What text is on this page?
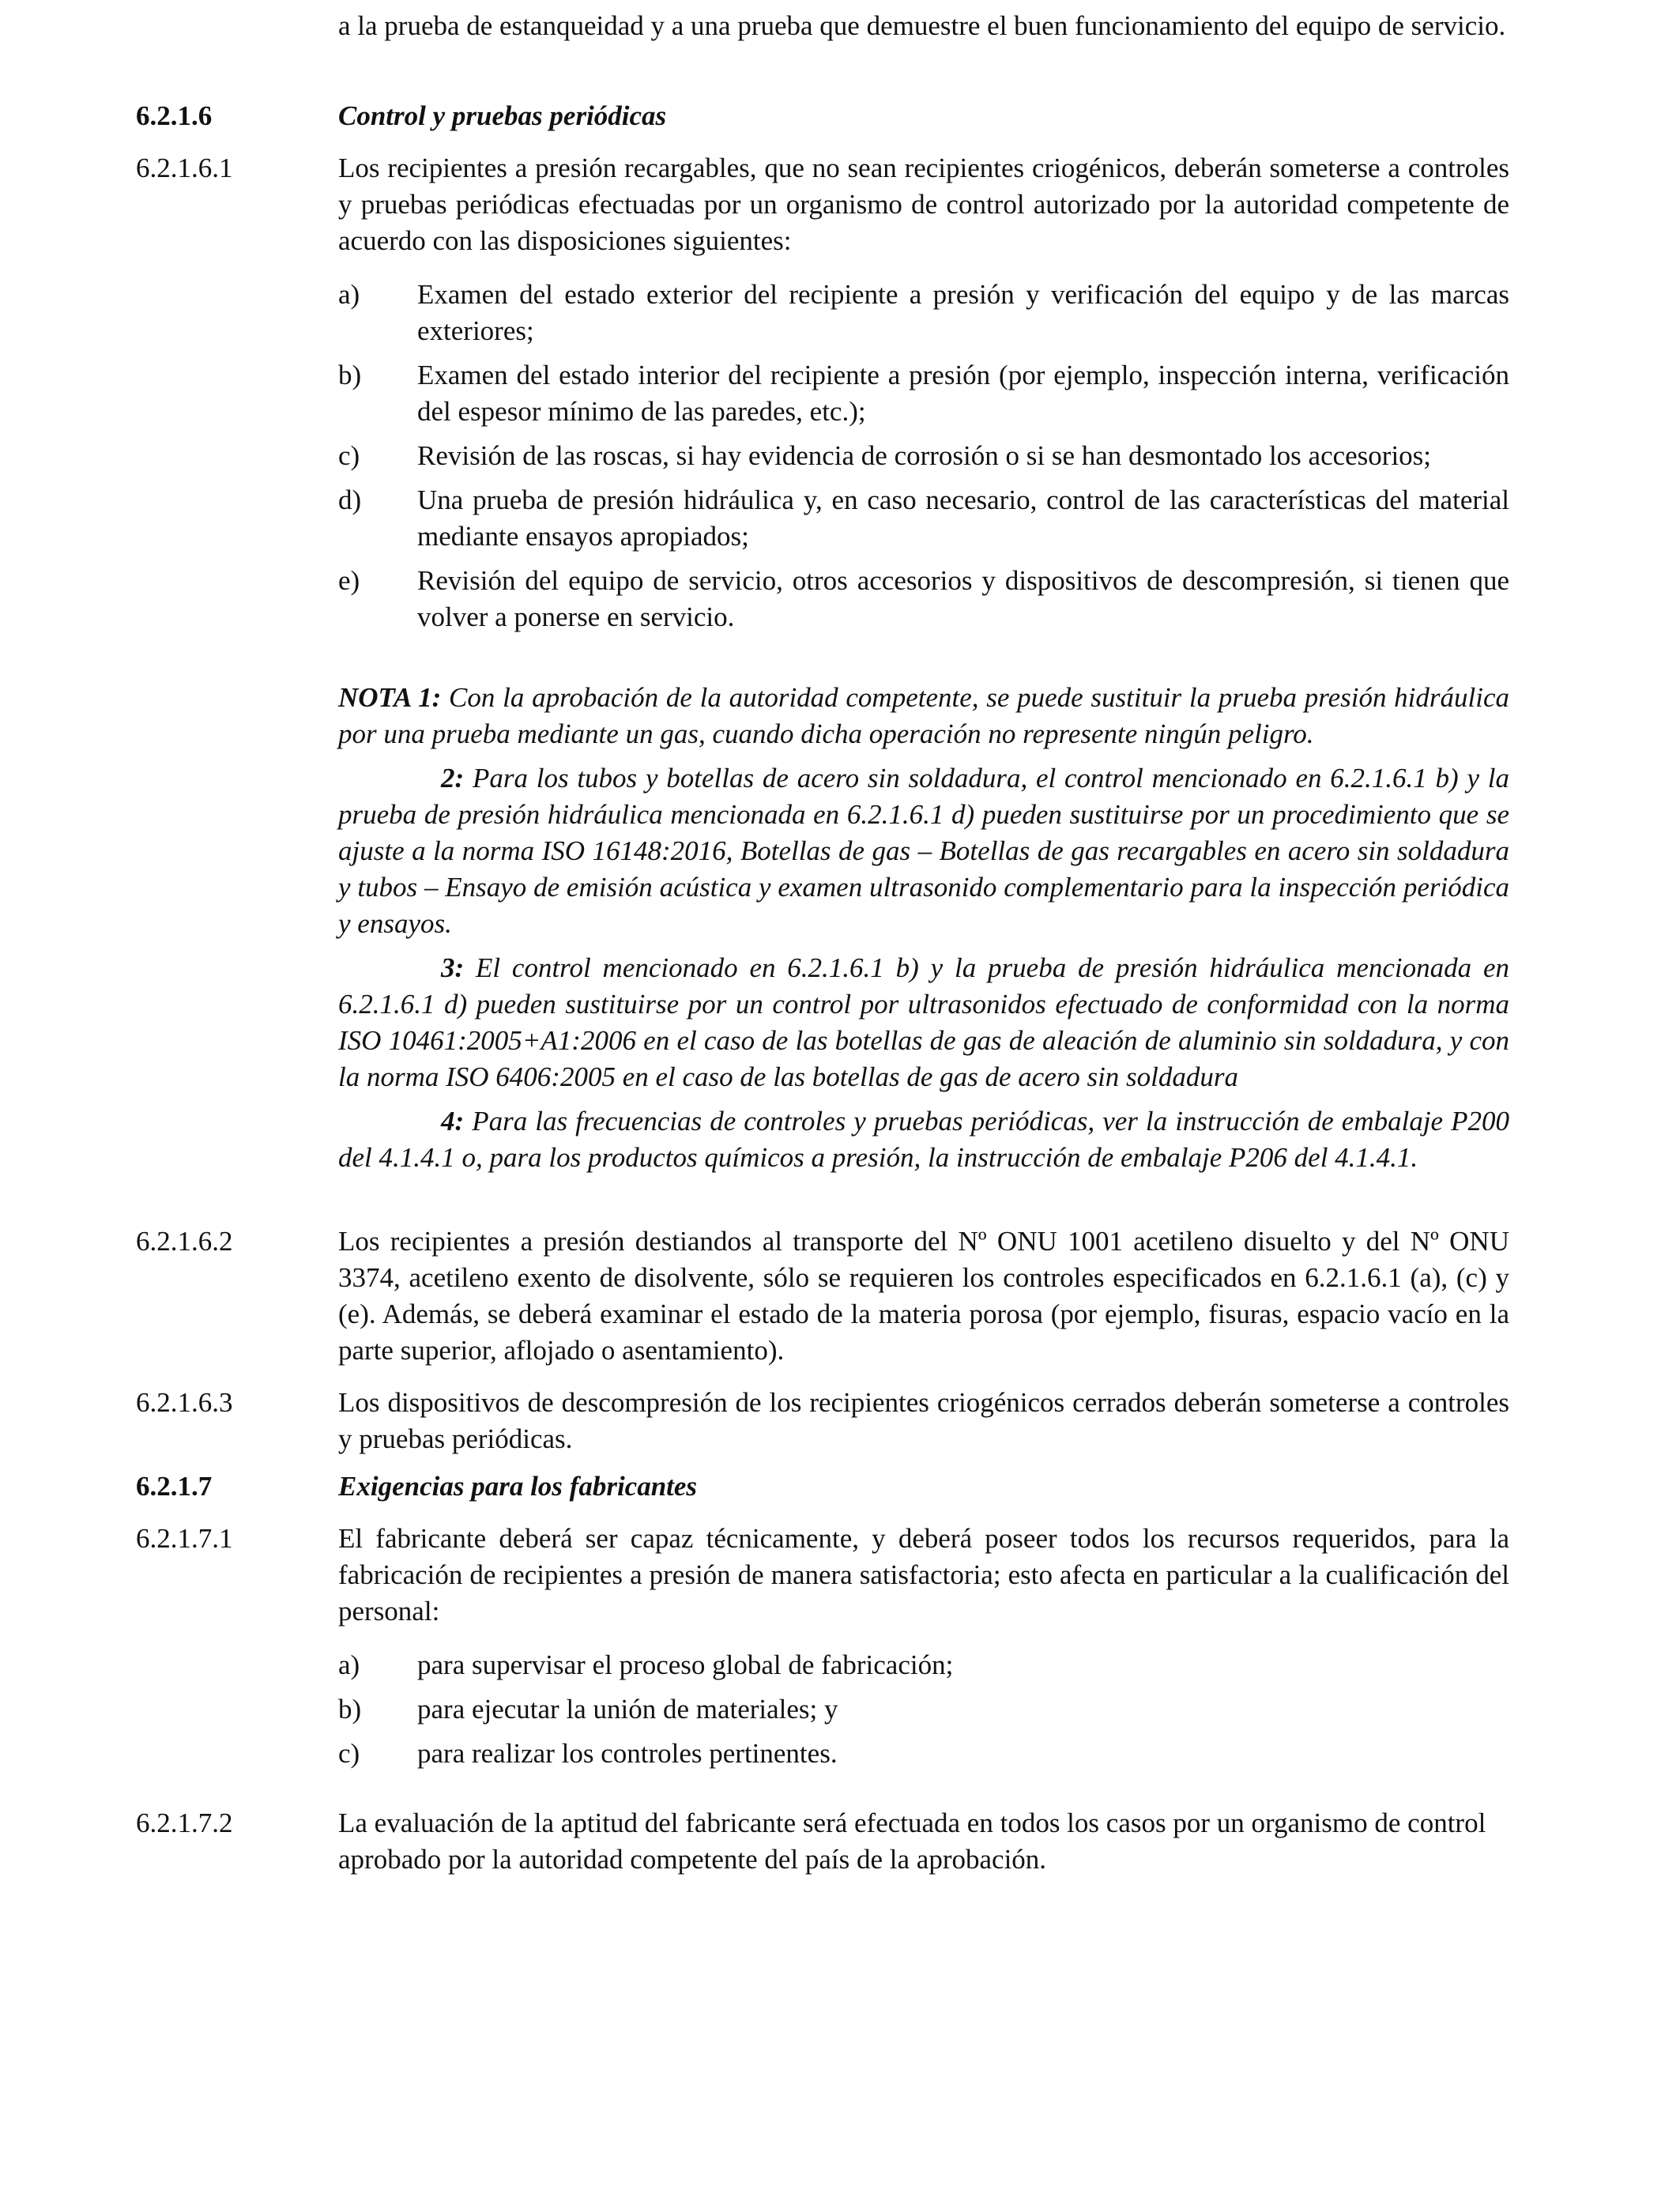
a la prueba de estanqueidad y a una prueba que demuestre el buen funcionamiento del equipo de servicio.
6.2.1.6	Control y pruebas periódicas
6.2.1.6.1	Los recipientes a presión recargables, que no sean recipientes criogénicos, deberán someterse a controles y pruebas periódicas efectuadas por un organismo de control autorizado por la autoridad competente de acuerdo con las disposiciones siguientes:
a) Examen del estado exterior del recipiente a presión y verificación del equipo y de las marcas exteriores;
b) Examen del estado interior del recipiente a presión (por ejemplo, inspección interna, verificación del espesor mínimo de las paredes, etc.);
c) Revisión de las roscas, si hay evidencia de corrosión o si se han desmontado los accesorios;
d) Una prueba de presión hidráulica y, en caso necesario, control de las características del material mediante ensayos apropiados;
e) Revisión del equipo de servicio, otros accesorios y dispositivos de descompresión, si tienen que volver a ponerse en servicio.
NOTA 1: Con la aprobación de la autoridad competente, se puede sustituir la prueba presión hidráulica por una prueba mediante un gas, cuando dicha operación no represente ningún peligro.
2: Para los tubos y botellas de acero sin soldadura, el control mencionado en 6.2.1.6.1 b) y la prueba de presión hidráulica mencionada en 6.2.1.6.1 d) pueden sustituirse por un procedimiento que se ajuste a la norma ISO 16148:2016, Botellas de gas – Botellas de gas recargables en acero sin soldadura y tubos – Ensayo de emisión acústica y examen ultrasonido complementario para la inspección periódica y ensayos.
3: El control mencionado en 6.2.1.6.1 b) y la prueba de presión hidráulica mencionada en 6.2.1.6.1 d) pueden sustituirse por un control por ultrasonidos efectuado de conformidad con la norma ISO 10461:2005+A1:2006 en el caso de las botellas de gas de aleación de aluminio sin soldadura, y con la norma ISO 6406:2005 en el caso de las botellas de gas de acero sin soldadura
4: Para las frecuencias de controles y pruebas periódicas, ver la instrucción de embalaje P200 del 4.1.4.1 o, para los productos químicos a presión, la instrucción de embalaje P206 del 4.1.4.1.
6.2.1.6.2	Los recipientes a presión destiandos al transporte del Nº ONU 1001 acetileno disuelto y del Nº ONU 3374, acetileno exento de disolvente, sólo se requieren los controles especificados en 6.2.1.6.1 (a), (c) y (e). Además, se deberá examinar el estado de la materia porosa (por ejemplo, fisuras, espacio vacío en la parte superior, aflojado o asentamiento).
6.2.1.6.3	Los dispositivos de descompresión de los recipientes criogénicos cerrados deberán someterse a controles y pruebas periódicas.
6.2.1.7	Exigencias para los fabricantes
6.2.1.7.1	El fabricante deberá ser capaz técnicamente, y deberá poseer todos los recursos requeridos, para la fabricación de recipientes a presión de manera satisfactoria; esto afecta en particular a la cualificación del personal:
a) para supervisar el proceso global de fabricación;
b) para ejecutar la unión de materiales; y
c) para realizar los controles pertinentes.
6.2.1.7.2	La evaluación de la aptitud del fabricante será efectuada en todos los casos por un organismo de control aprobado por la autoridad competente del país de la aprobación.
